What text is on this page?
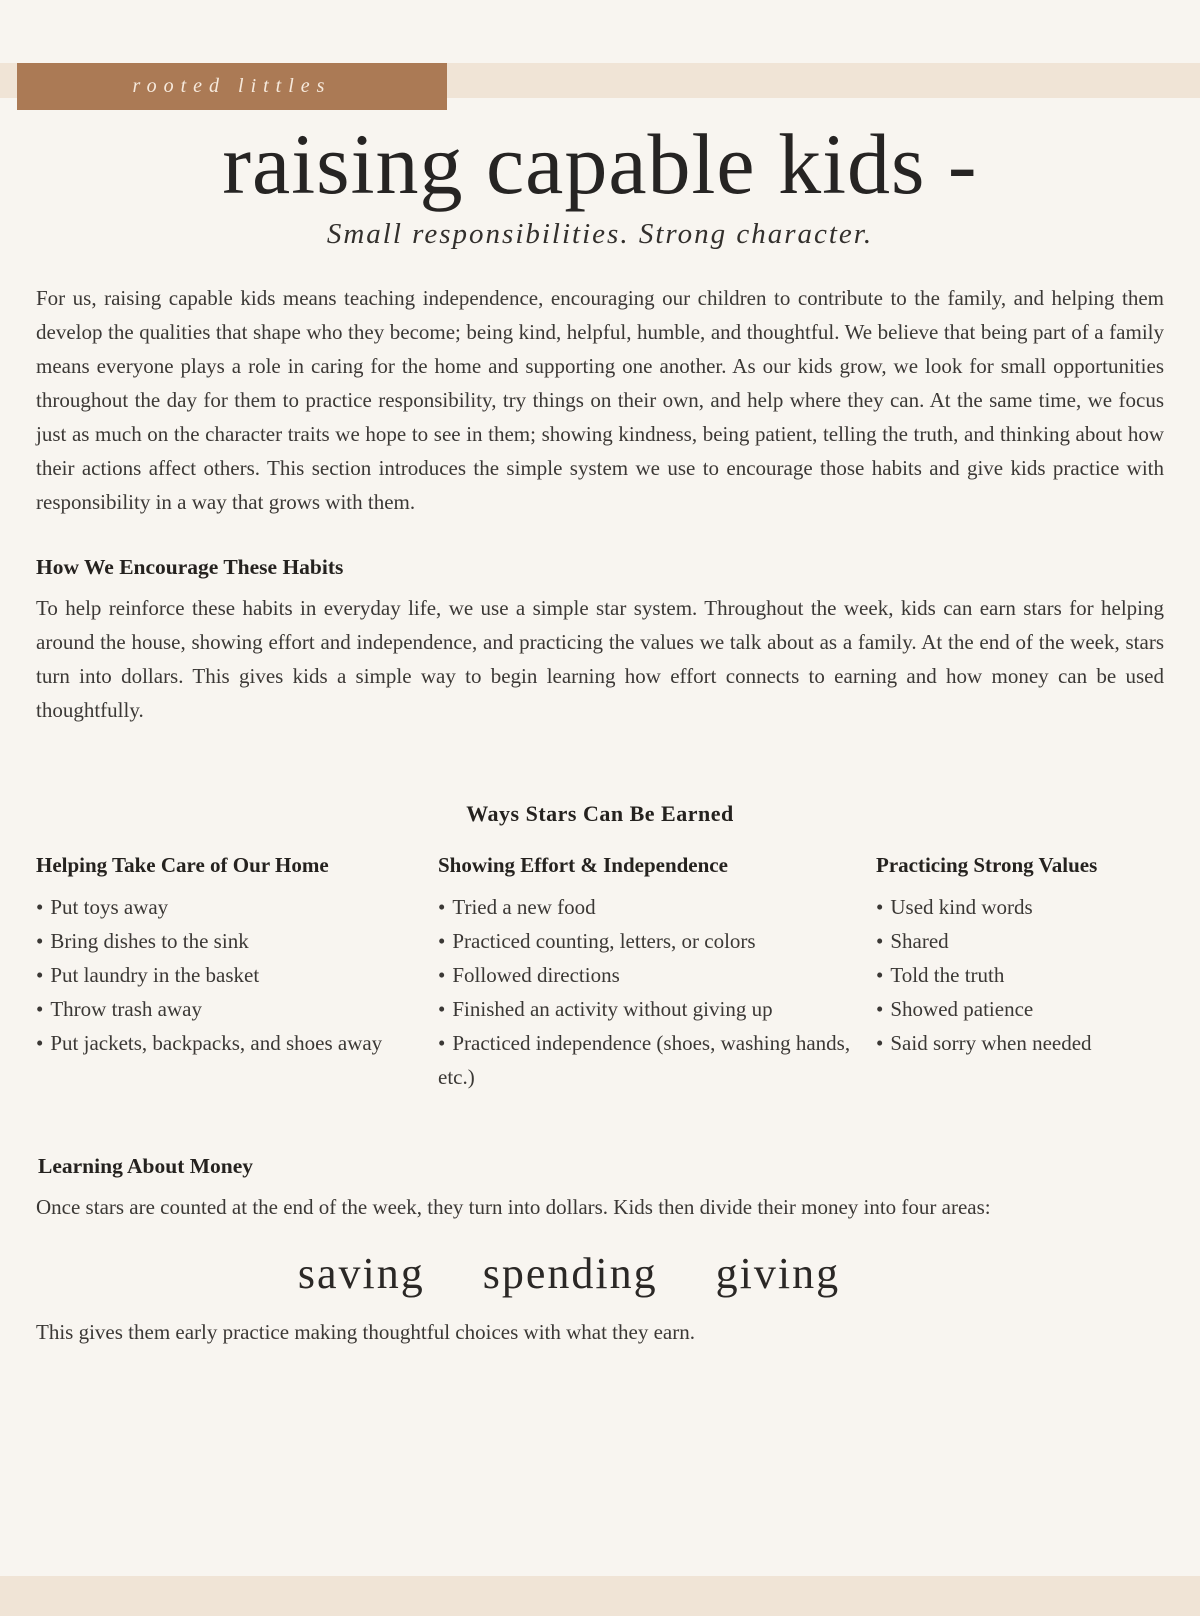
rooted littles
raising capable kids -
Small responsibilities. Strong character.

For us, raising capable kids means teaching independence, encouraging our children to contribute to the family, and helping them develop the qualities that shape who they become; being kind, helpful, humble, and thoughtful. We believe that being part of a family means everyone plays a role in caring for the home and supporting one another. As our kids grow, we look for small opportunities throughout the day for them to practice responsibility, try things on their own, and help where they can. At the same time, we focus just as much on the character traits we hope to see in them; showing kindness, being patient, telling the truth, and thinking about how their actions affect others. This section introduces the simple system we use to encourage those habits and give kids practice with responsibility in a way that grows with them.

How We Encourage These Habits

To help reinforce these habits in everyday life, we use a simple star system. Throughout the week, kids can earn stars for helping around the house, showing effort and independence, and practicing the values we talk about as a family. At the end of the week, stars turn into dollars. This gives kids a simple way to begin learning how effort connects to earning and how money can be used thoughtfully.

Ways Stars Can Be Earned
Helping Take Care of Our Home
• Put toys away
• Bring dishes to the sink
• Put laundry in the basket
• Throw trash away
• Put jackets, backpacks, and shoes away
Showing Effort & Independence
• Tried a new food
• Practiced counting, letters, or colors
• Followed directions
• Finished an activity without giving up
• Practiced independence (shoes, washing hands, etc.)
Practicing Strong Values
• Used kind words
• Shared
• Told the truth
• Showed patience
• Said sorry when needed
Learning About Money

Once stars are counted at the end of the week, they turn into dollars. Kids then divide their money into four areas:

saving spending giving

This gives them early practice making thoughtful choices with what they earn.
